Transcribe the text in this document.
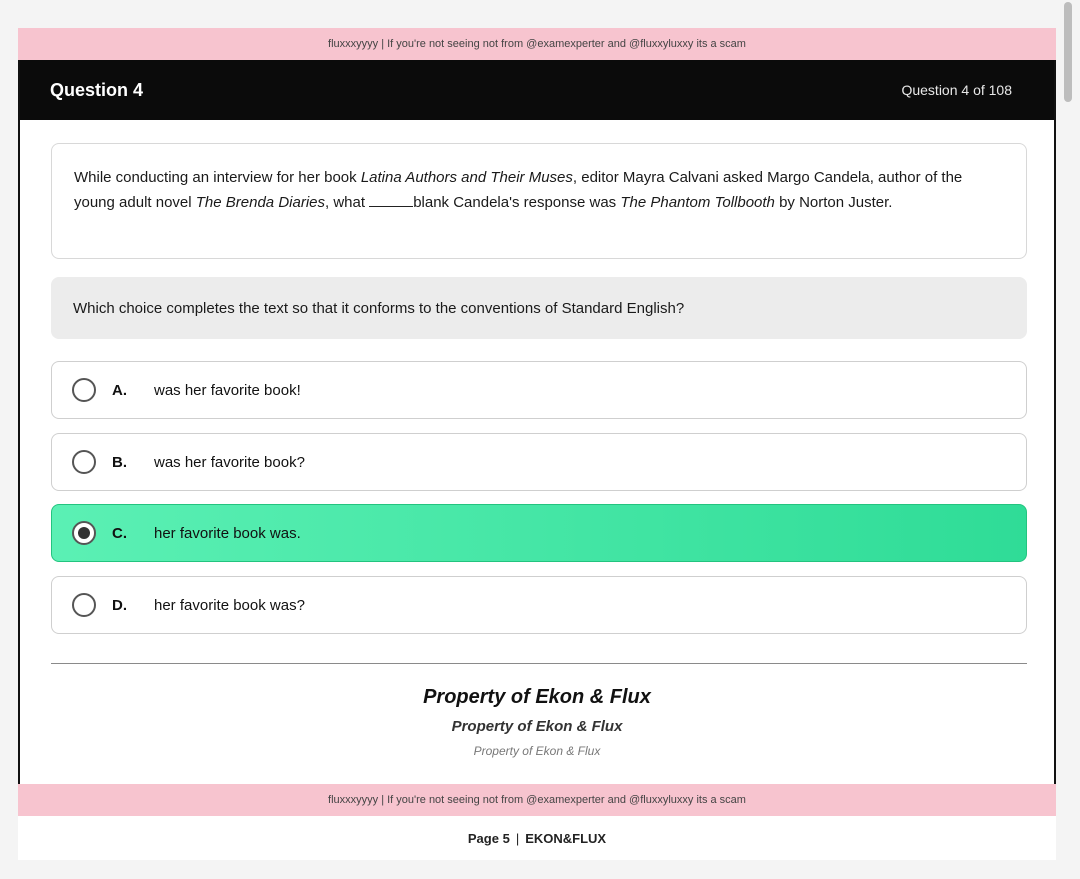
fluxxxyyyy | If you're not seeing not from @examexperter and @fluxxyluxxy its a scam
Question 4	Question 4 of 108
While conducting an interview for her book Latina Authors and Their Muses, editor Mayra Calvani asked Margo Candela, author of the young adult novel The Brenda Diaries, what	blank Candela's response was The Phantom Tollbooth by Norton Juster.
Which choice completes the text so that it conforms to the conventions of Standard English?
A.	was her favorite book!
B.	was her favorite book?
C.	her favorite book was.
D.	her favorite book was?
Property of Ekon & Flux
Property of Ekon & Flux
Property of Ekon & Flux
fluxxxyyyy | If you're not seeing not from @examexperter and @fluxxyluxxy its a scam
Page 5 | EKON&FLUX
